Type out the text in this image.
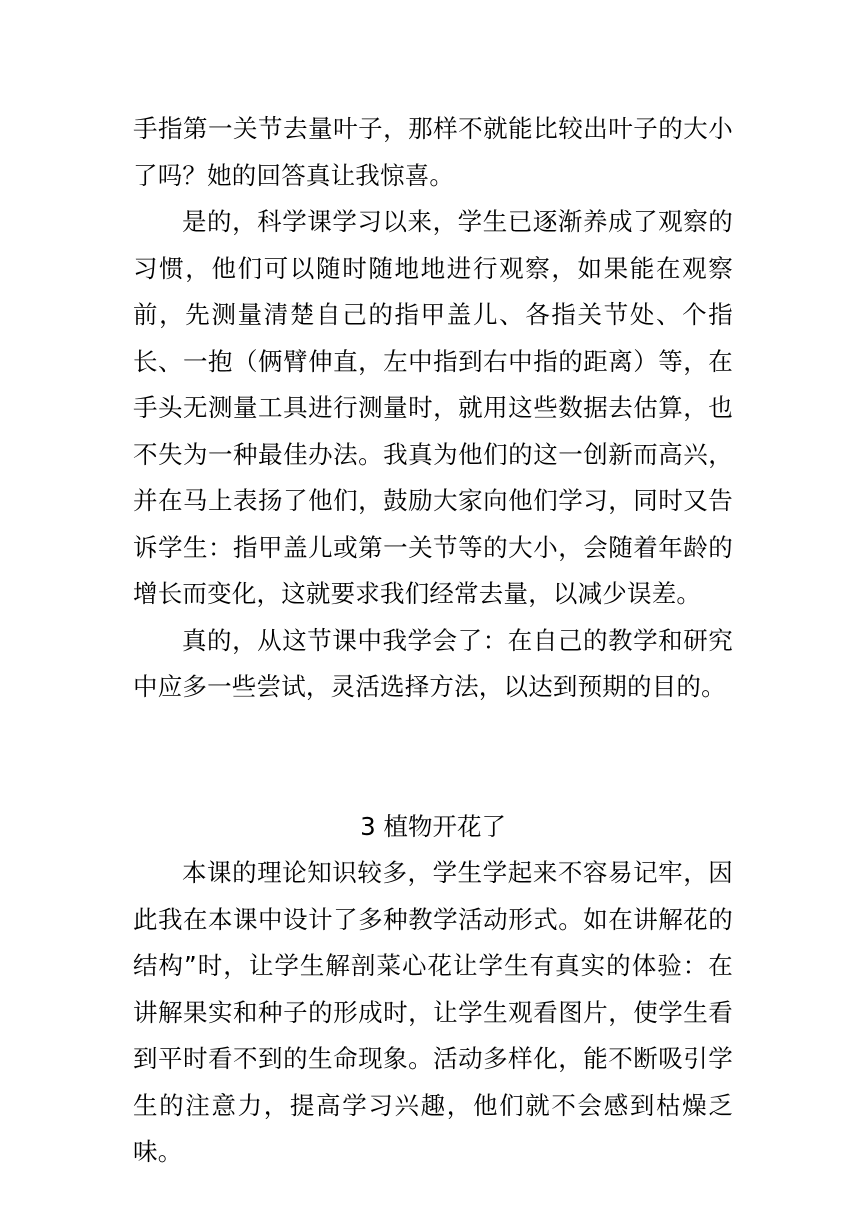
手指第一关节去量叶子，那样不就能比较出叶子的大小了吗？她的回答真让我惊喜。

是的，科学课学习以来，学生已逐渐养成了观察的习惯，他们可以随时随地地进行观察，如果能在观察前，先测量清楚自己的指甲盖儿、各指关节处、个指长、一抱（俩臂伸直，左中指到右中指的距离）等，在手头无测量工具进行测量时，就用这些数据去估算，也不失为一种最佳办法。我真为他们的这一创新而高兴，并在马上表扬了他们，鼓励大家向他们学习，同时又告诉学生：指甲盖儿或第一关节等的大小，会随着年龄的增长而变化，这就要求我们经常去量，以减少误差。

真的，从这节课中我学会了：在自己的教学和研究中应多一些尝试，灵活选择方法，以达到预期的目的。

3 植物开花了

本课的理论知识较多，学生学起来不容易记牢，因此我在本课中设计了多种教学活动形式。如在讲解花的结构”时，让学生解剖菜心花让学生有真实的体验：在讲解果实和种子的形成时，让学生观看图片，使学生看到平时看不到的生命现象。活动多样化，能不断吸引学生的注意力，提高学习兴趣，他们就不会感到枯燥乏味。
